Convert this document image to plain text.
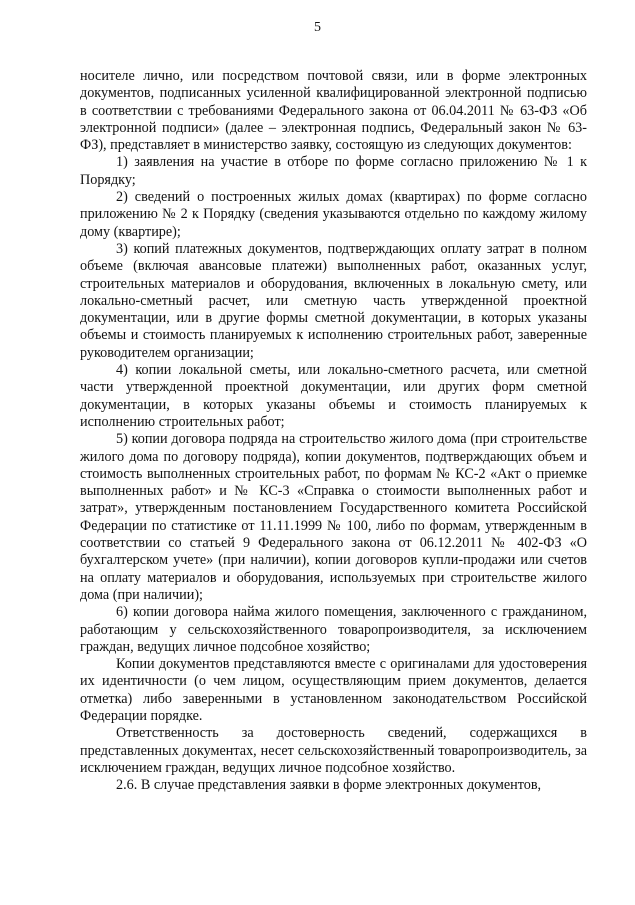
5

носителе лично, или посредством почтовой связи, или в форме электронных документов, подписанных усиленной квалифицированной электронной подписью в соответствии с требованиями Федерального закона от 06.04.2011 № 63-ФЗ «Об электронной подписи» (далее – электронная подпись, Федеральный закон № 63-ФЗ), представляет в министерство заявку, состоящую из следующих документов:

1) заявления на участие в отборе по форме согласно приложению № 1 к Порядку;

2) сведений о построенных жилых домах (квартирах) по форме согласно приложению № 2 к Порядку (сведения указываются отдельно по каждому жилому дому (квартире);

3) копий платежных документов, подтверждающих оплату затрат в полном объеме (включая авансовые платежи) выполненных работ, оказанных услуг, строительных материалов и оборудования, включенных в локальную смету, или локально-сметный расчет, или сметную часть утвержденной проектной документации, или в другие формы сметной документации, в которых указаны объемы и стоимость планируемых к исполнению строительных работ, заверенные руководителем организации;

4) копии локальной сметы, или локально-сметного расчета, или сметной части утвержденной проектной документации, или других форм сметной документации, в которых указаны объемы и стоимость планируемых к исполнению строительных работ;

5) копии договора подряда на строительство жилого дома (при строительстве жилого дома по договору подряда), копии документов, подтверждающих объем и стоимость выполненных строительных работ, по формам № КС-2 «Акт о приемке выполненных работ» и № КС-3 «Справка о стоимости выполненных работ и затрат», утвержденным постановлением Государственного комитета Российской Федерации по статистике от 11.11.1999 № 100, либо по формам, утвержденным в соответствии со статьей 9 Федерального закона от 06.12.2011 № 402-ФЗ «О бухгалтерском учете» (при наличии), копии договоров купли-продажи или счетов на оплату материалов и оборудования, используемых при строительстве жилого дома (при наличии);

6) копии договора найма жилого помещения, заключенного с гражданином, работающим у сельскохозяйственного товаропроизводителя, за исключением граждан, ведущих личное подсобное хозяйство;

Копии документов представляются вместе с оригиналами для удостоверения их идентичности (о чем лицом, осуществляющим прием документов, делается отметка) либо заверенными в установленном законодательством Российской Федерации порядке.

Ответственность за достоверность сведений, содержащихся в представленных документах, несет сельскохозяйственный товаропроизводитель, за исключением граждан, ведущих личное подсобное хозяйство.

2.6. В случае представления заявки в форме электронных документов,
